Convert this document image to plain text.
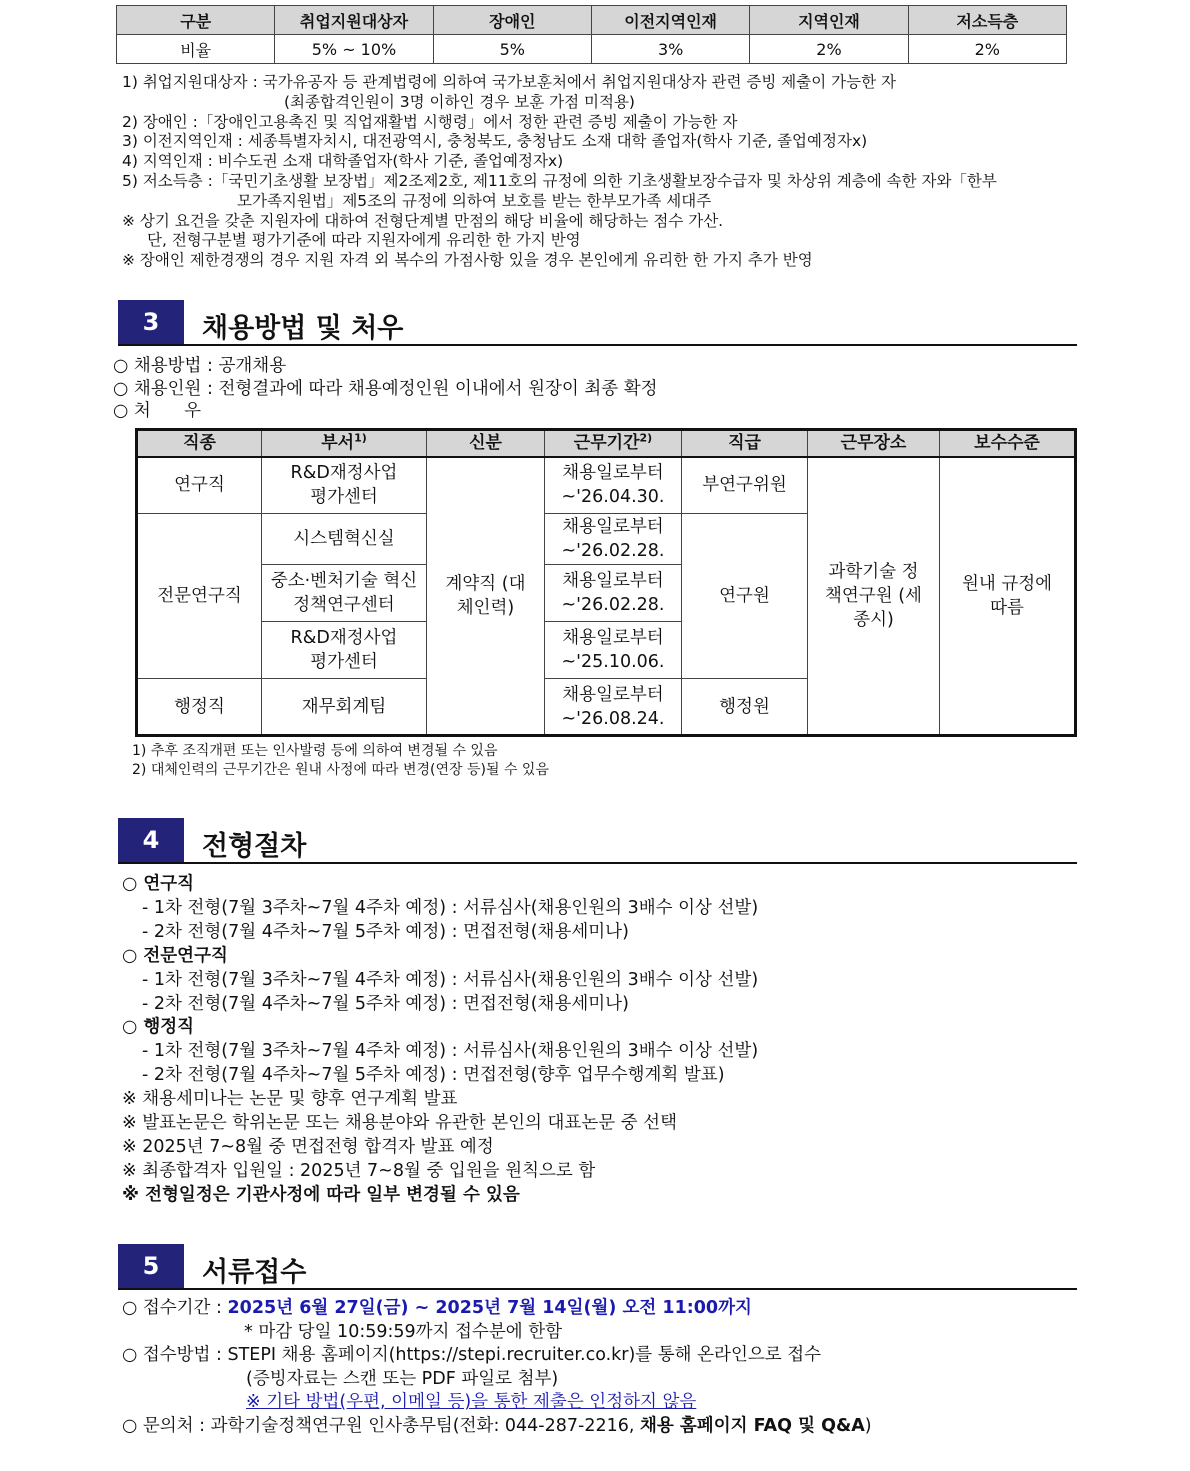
구분	취업지원대상자	장애인	이전지역인재	지역인재	저소득층
비율	5% ~ 10%	5%	3%	2%	2%
1) 취업지원대상자 : 국가유공자 등 관계법령에 의하여 국가보훈처에서 취업지원대상자 관련 증빙 제출이 가능한 자
(최종합격인원이 3명 이하인 경우 보훈 가점 미적용)
2) 장애인 :「장애인고용촉진 및 직업재활법 시행령」에서 정한 관련 증빙 제출이 가능한 자
3) 이전지역인재 : 세종특별자치시, 대전광역시, 충청북도, 충청남도 소재 대학 졸업자(학사 기준, 졸업예정자x)
4) 지역인재 : 비수도권 소재 대학졸업자(학사 기준, 졸업예정자x)
5) 저소득층 :「국민기초생활 보장법」제2조제2호, 제11호의 규정에 의한 기초생활보장수급자 및 차상위 계층에 속한 자와「한부
모가족지원법」제5조의 규정에 의하여 보호를 받는 한부모가족 세대주
※ 상기 요건을 갖춘 지원자에 대하여 전형단계별 만점의 해당 비율에 해당하는 점수 가산.
단, 전형구분별 평가기준에 따라 지원자에게 유리한 한 가지 반영
※ 장애인 제한경쟁의 경우 지원 자격 외 복수의 가점사항 있을 경우 본인에게 유리한 한 가지 추가 반영
3	채용방법 및 처우
○ 채용방법 : 공개채용
○ 채용인원 : 전형결과에 따라 채용예정인원 이내에서 원장이 최종 확정
○ 처      우
직종	부서$^{1)}$	신분	근무기간$^{2)}$	직급	근무장소	보수수준
연구직	R&D재정사업 평가센터	계약직 (대체인력)	채용일로부터 ~'26.04.30.	부연구위원	과학기술 정책연구원 (세종시)	원내 규정에 따름
전문연구직	시스템혁신실		채용일로부터 ~'26.02.28.	연구원		
	중소·벤처기술 혁신정책연구센터		채용일로부터 ~'26.02.28.			
	R&D재정사업 평가센터		채용일로부터 ~'25.10.06.			
행정직	재무회계팀		채용일로부터 ~'26.08.24.	행정원		
1) 추후 조직개편 또는 인사발령 등에 의하여 변경될 수 있음
2) 대체인력의 근무기간은 원내 사정에 따라 변경(연장 등)될 수 있음
4	전형절차
○ 연구직
- 1차 전형(7월 3주차~7월 4주차 예정) : 서류심사(채용인원의 3배수 이상 선발)
- 2차 전형(7월 4주차~7월 5주차 예정) : 면접전형(채용세미나)
○ 전문연구직
- 1차 전형(7월 3주차~7월 4주차 예정) : 서류심사(채용인원의 3배수 이상 선발)
- 2차 전형(7월 4주차~7월 5주차 예정) : 면접전형(채용세미나)
○ 행정직
- 1차 전형(7월 3주차~7월 4주차 예정) : 서류심사(채용인원의 3배수 이상 선발)
- 2차 전형(7월 4주차~7월 5주차 예정) : 면접전형(향후 업무수행계획 발표)
※ 채용세미나는 논문 및 향후 연구계획 발표
※ 발표논문은 학위논문 또는 채용분야와 유관한 본인의 대표논문 중 선택
※ 2025년 7~8월 중 면접전형 합격자 발표 예정
※ 최종합격자 입원일 : 2025년 7~8월 중 입원을 원칙으로 함
※ 전형일정은 기관사정에 따라 일부 변경될 수 있음
5	서류접수
○ 접수기간 : 2025년 6월 27일(금) ~ 2025년 7월 14일(월) 오전 11:00까지
* 마감 당일 10:59:59까지 접수분에 한함
○ 접수방법 : STEPI 채용 홈페이지(https://stepi.recruiter.co.kr)를 통해 온라인으로 접수
(증빙자료는 스캔 또는 PDF 파일로 첨부)
※ 기타 방법(우편, 이메일 등)을 통한 제출은 인정하지 않음
○ 문의처 : 과학기술정책연구원 인사총무팀(전화: 044-287-2216, 채용 홈페이지 FAQ 및 Q&A)
